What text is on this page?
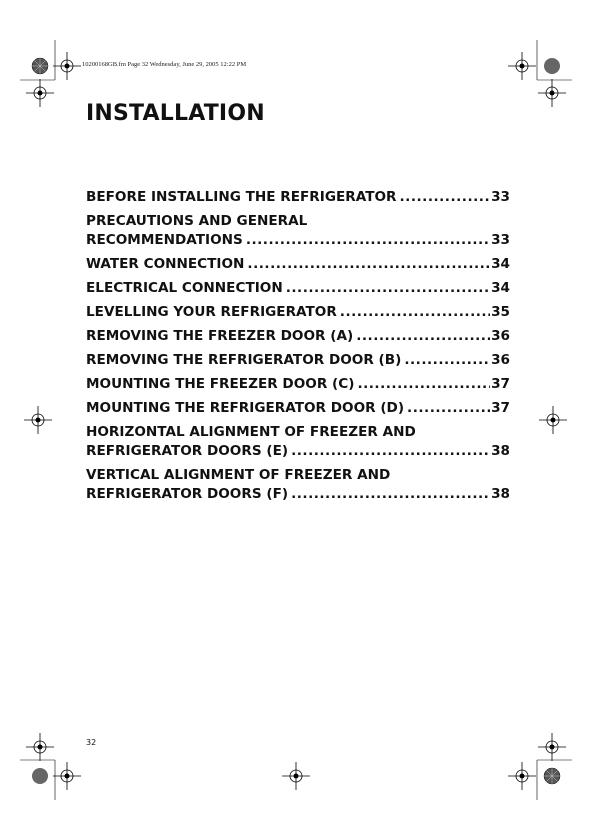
10200168GB.fm Page 32 Wednesday, June 29, 2005 12:22 PM
INSTALLATION
BEFORE INSTALLING THE REFRIGERATOR .....	33
PRECAUTIONS AND GENERAL
RECOMMENDATIONS .....	33
WATER CONNECTION .....	34
ELECTRICAL CONNECTION .....	34
LEVELLING YOUR REFRIGERATOR .....	35
REMOVING THE FREEZER DOOR (A) .....	36
REMOVING THE REFRIGERATOR DOOR (B) .....	36
MOUNTING THE FREEZER DOOR (C) .....	37
MOUNTING THE REFRIGERATOR DOOR (D) .....	37
HORIZONTAL ALIGNMENT OF FREEZER AND
REFRIGERATOR DOORS (E) .....	38
VERTICAL ALIGNMENT OF FREEZER AND
REFRIGERATOR DOORS (F) .....	38
32
